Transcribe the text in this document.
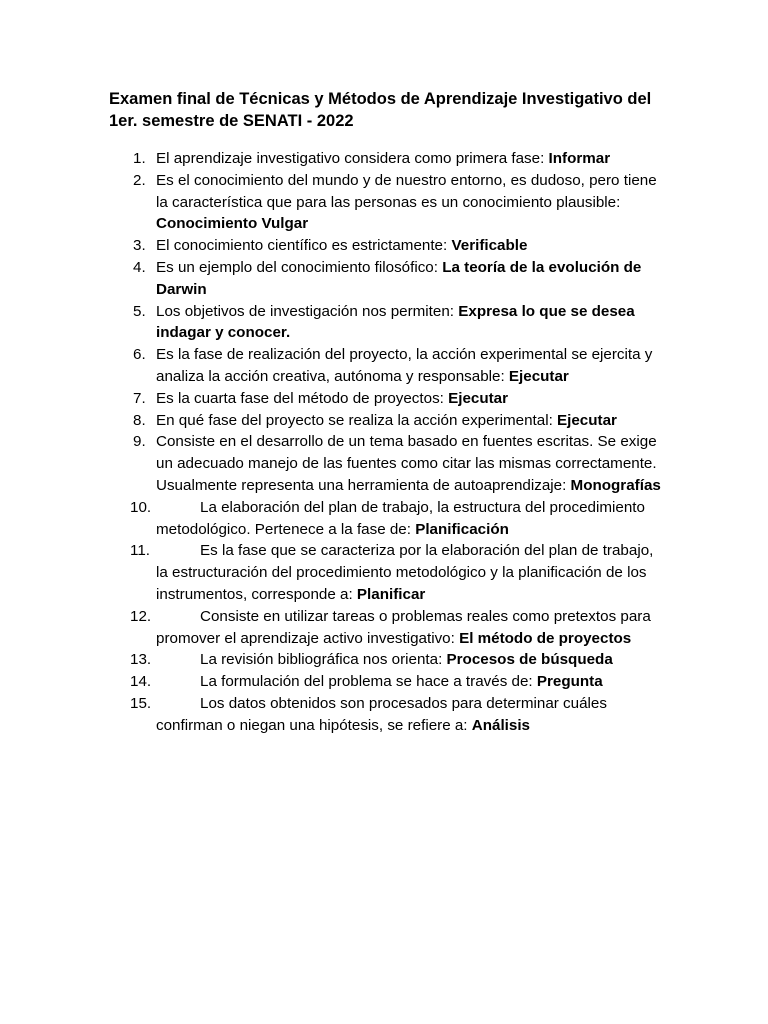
Examen final de Técnicas y Métodos de Aprendizaje Investigativo del 1er. semestre de SENATI - 2022
1. El aprendizaje investigativo considera como primera fase: Informar
2. Es el conocimiento del mundo y de nuestro entorno, es dudoso, pero tiene la característica que para las personas es un conocimiento plausible: Conocimiento Vulgar
3. El conocimiento científico es estrictamente: Verificable
4. Es un ejemplo del conocimiento filosófico: La teoría de la evolución de Darwin
5. Los objetivos de investigación nos permiten: Expresa lo que se desea indagar y conocer.
6. Es la fase de realización del proyecto, la acción experimental se ejercita y analiza la acción creativa, autónoma y responsable: Ejecutar
7. Es la cuarta fase del método de proyectos: Ejecutar
8. En qué fase del proyecto se realiza la acción experimental: Ejecutar
9. Consiste en el desarrollo de un tema basado en fuentes escritas. Se exige un adecuado manejo de las fuentes como citar las mismas correctamente. Usualmente representa una herramienta de autoaprendizaje: Monografías
10.	La elaboración del plan de trabajo, la estructura del procedimiento metodológico. Pertenece a la fase de: Planificación
11.	Es la fase que se caracteriza por la elaboración del plan de trabajo, la estructuración del procedimiento metodológico y la planificación de los instrumentos, corresponde a: Planificar
12.	Consiste en utilizar tareas o problemas reales como pretextos para promover el aprendizaje activo investigativo: El método de proyectos
13.	La revisión bibliográfica nos orienta: Procesos de búsqueda
14.	La formulación del problema se hace a través de: Pregunta
15.	Los datos obtenidos son procesados para determinar cuáles confirman o niegan una hipótesis, se refiere a: Análisis
